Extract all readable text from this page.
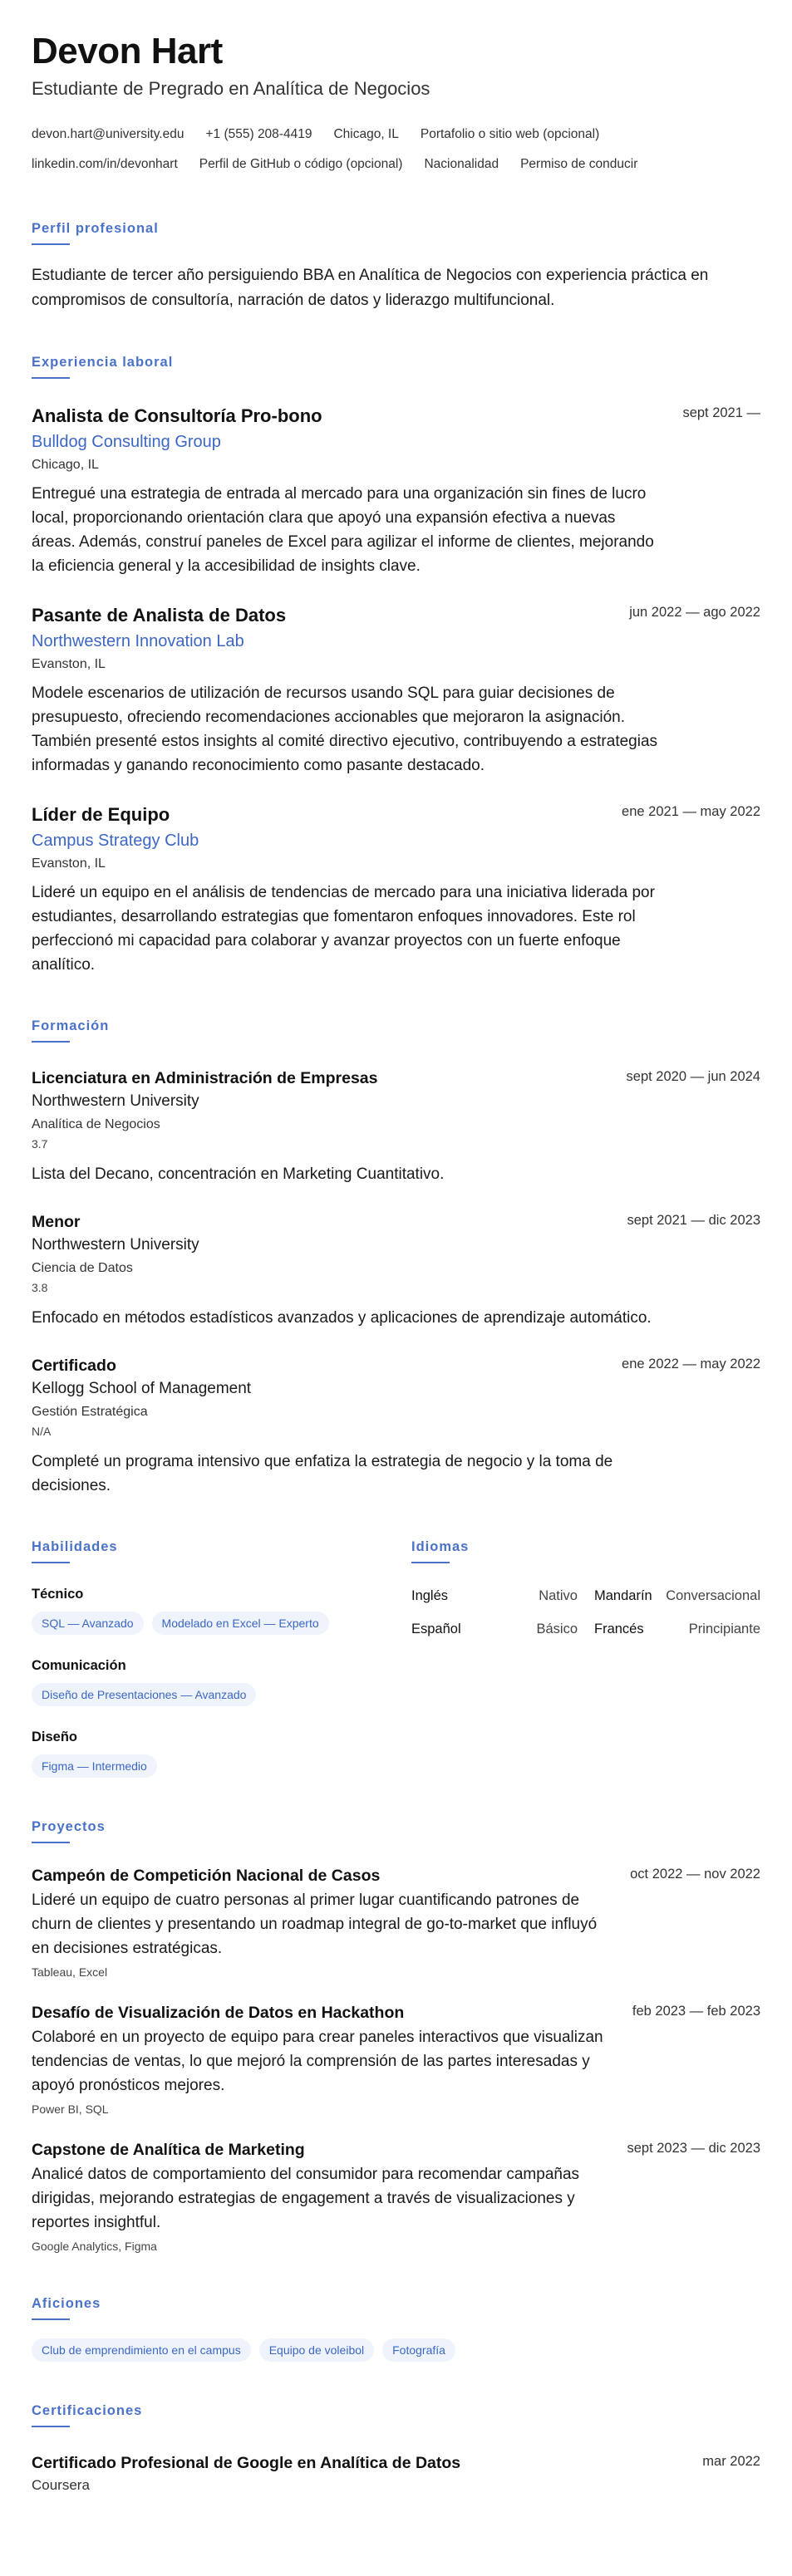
Devon Hart
Estudiante de Pregrado en Analítica de Negocios
devon.hart@university.edu +1 (555) 208-4419 Chicago, IL Portafolio o sitio web (opcional)
linkedin.com/in/devonhart Perfil de GitHub o código (opcional) Nacionalidad Permiso de conducir
Perfil profesional
Estudiante de tercer año persiguiendo BBA en Analítica de Negocios con experiencia práctica en compromisos de consultoría, narración de datos y liderazgo multifuncional.
Experiencia laboral
sept 2021 —
Analista de Consultoría Pro-bono
Bulldog Consulting Group
Chicago, IL
Entregué una estrategia de entrada al mercado para una organización sin fines de lucro local, proporcionando orientación clara que apoyó una expansión efectiva a nuevas áreas. Además, construí paneles de Excel para agilizar el informe de clientes, mejorando la eficiencia general y la accesibilidad de insights clave.
jun 2022 — ago 2022
Pasante de Analista de Datos
Northwestern Innovation Lab
Evanston, IL
Modele escenarios de utilización de recursos usando SQL para guiar decisiones de presupuesto, ofreciendo recomendaciones accionables que mejoraron la asignación. También presenté estos insights al comité directivo ejecutivo, contribuyendo a estrategias informadas y ganando reconocimiento como pasante destacado.
ene 2021 — may 2022
Líder de Equipo
Campus Strategy Club
Evanston, IL
Lideré un equipo en el análisis de tendencias de mercado para una iniciativa liderada por estudiantes, desarrollando estrategias que fomentaron enfoques innovadores. Este rol perfeccionó mi capacidad para colaborar y avanzar proyectos con un fuerte enfoque analítico.
Formación
sept 2020 — jun 2024
Licenciatura en Administración de Empresas
Northwestern University
Analítica de Negocios
3.7
Lista del Decano, concentración en Marketing Cuantitativo.
sept 2021 — dic 2023
Menor
Northwestern University
Ciencia de Datos
3.8
Enfocado en métodos estadísticos avanzados y aplicaciones de aprendizaje automático.
ene 2022 — may 2022
Certificado
Kellogg School of Management
Gestión Estratégica
N/A
Completé un programa intensivo que enfatiza la estrategia de negocio y la toma de decisiones.
Habilidades
Técnico
SQL — Avanzado	Modelado en Excel — Experto
Comunicación
Diseño de Presentaciones — Avanzado
Diseño
Figma — Intermedio
Idiomas
Inglés	Nativo Mandarín Conversacional
Español	Básico Francés	Principiante
Proyectos
oct 2022 — nov 2022
Campeón de Competición Nacional de Casos
Lideré un equipo de cuatro personas al primer lugar cuantificando patrones de churn de clientes y presentando un roadmap integral de go-to-market que influyó en decisiones estratégicas.
Tableau, Excel
feb 2023 — feb 2023
Desafío de Visualización de Datos en Hackathon
Colaboré en un proyecto de equipo para crear paneles interactivos que visualizan tendencias de ventas, lo que mejoró la comprensión de las partes interesadas y apoyó pronósticos mejores.
Power BI, SQL
sept 2023 — dic 2023
Capstone de Analítica de Marketing
Analicé datos de comportamiento del consumidor para recomendar campañas dirigidas, mejorando estrategias de engagement a través de visualizaciones y reportes insightful.
Google Analytics, Figma
Aficiones
Club de emprendimiento en el campus	Equipo de voleibol	Fotografía
Certificaciones
mar 2022
Certificado Profesional de Google en Analítica de Datos
Coursera
